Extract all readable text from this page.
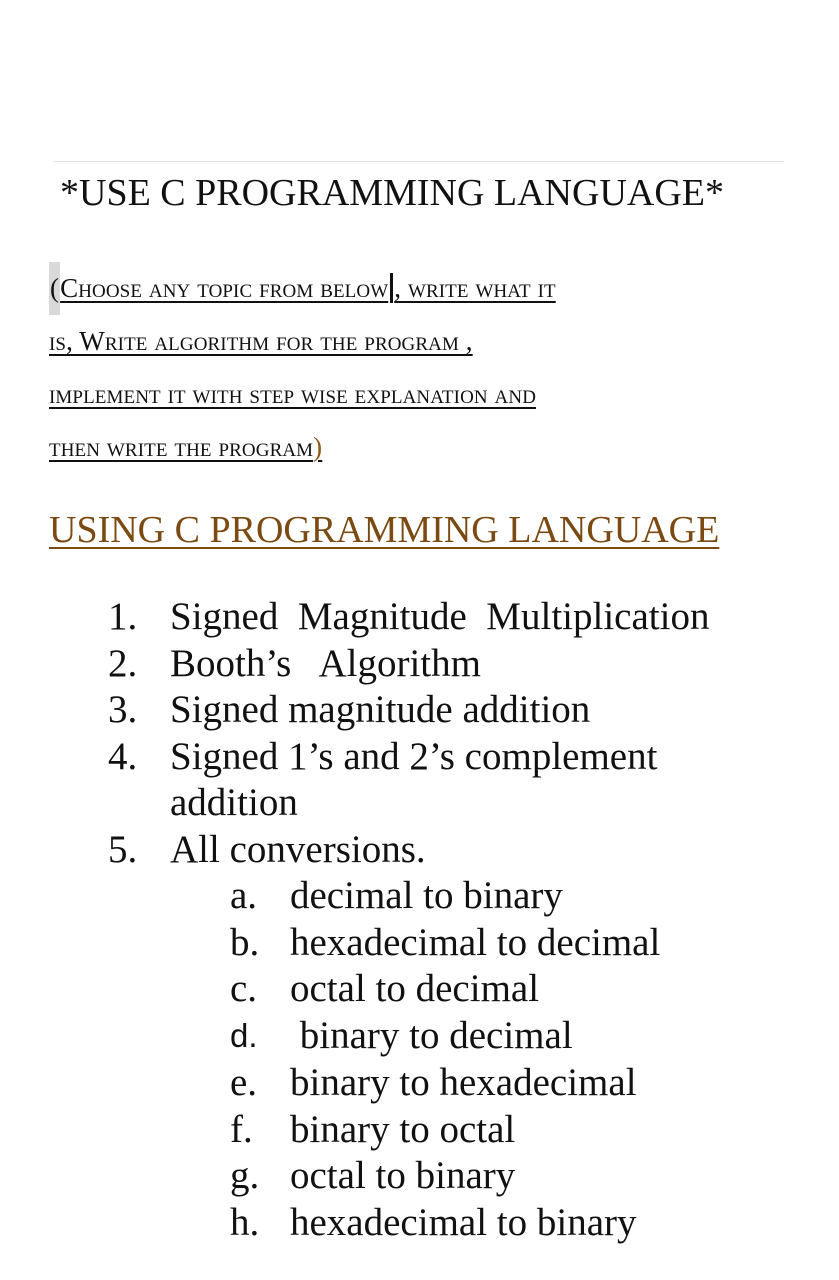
*USE C PROGRAMMING LANGUAGE*
(Choose any topic from below , write what it
is, Write algorithm for the program ,
implement it with step wise explanation and
then write the program)
USING C PROGRAMMING LANGUAGE
1. Signed  Magnitude  Multiplication
2. Booth’s   Algorithm
3. Signed magnitude addition
4. Signed 1’s and 2’s complement addition
5. All conversions.
a. decimal to binary
b. hexadecimal to decimal
c. octal to decimal
d. binary to decimal
e. binary to hexadecimal
f. binary to octal
g. octal to binary
h. hexadecimal to binary
